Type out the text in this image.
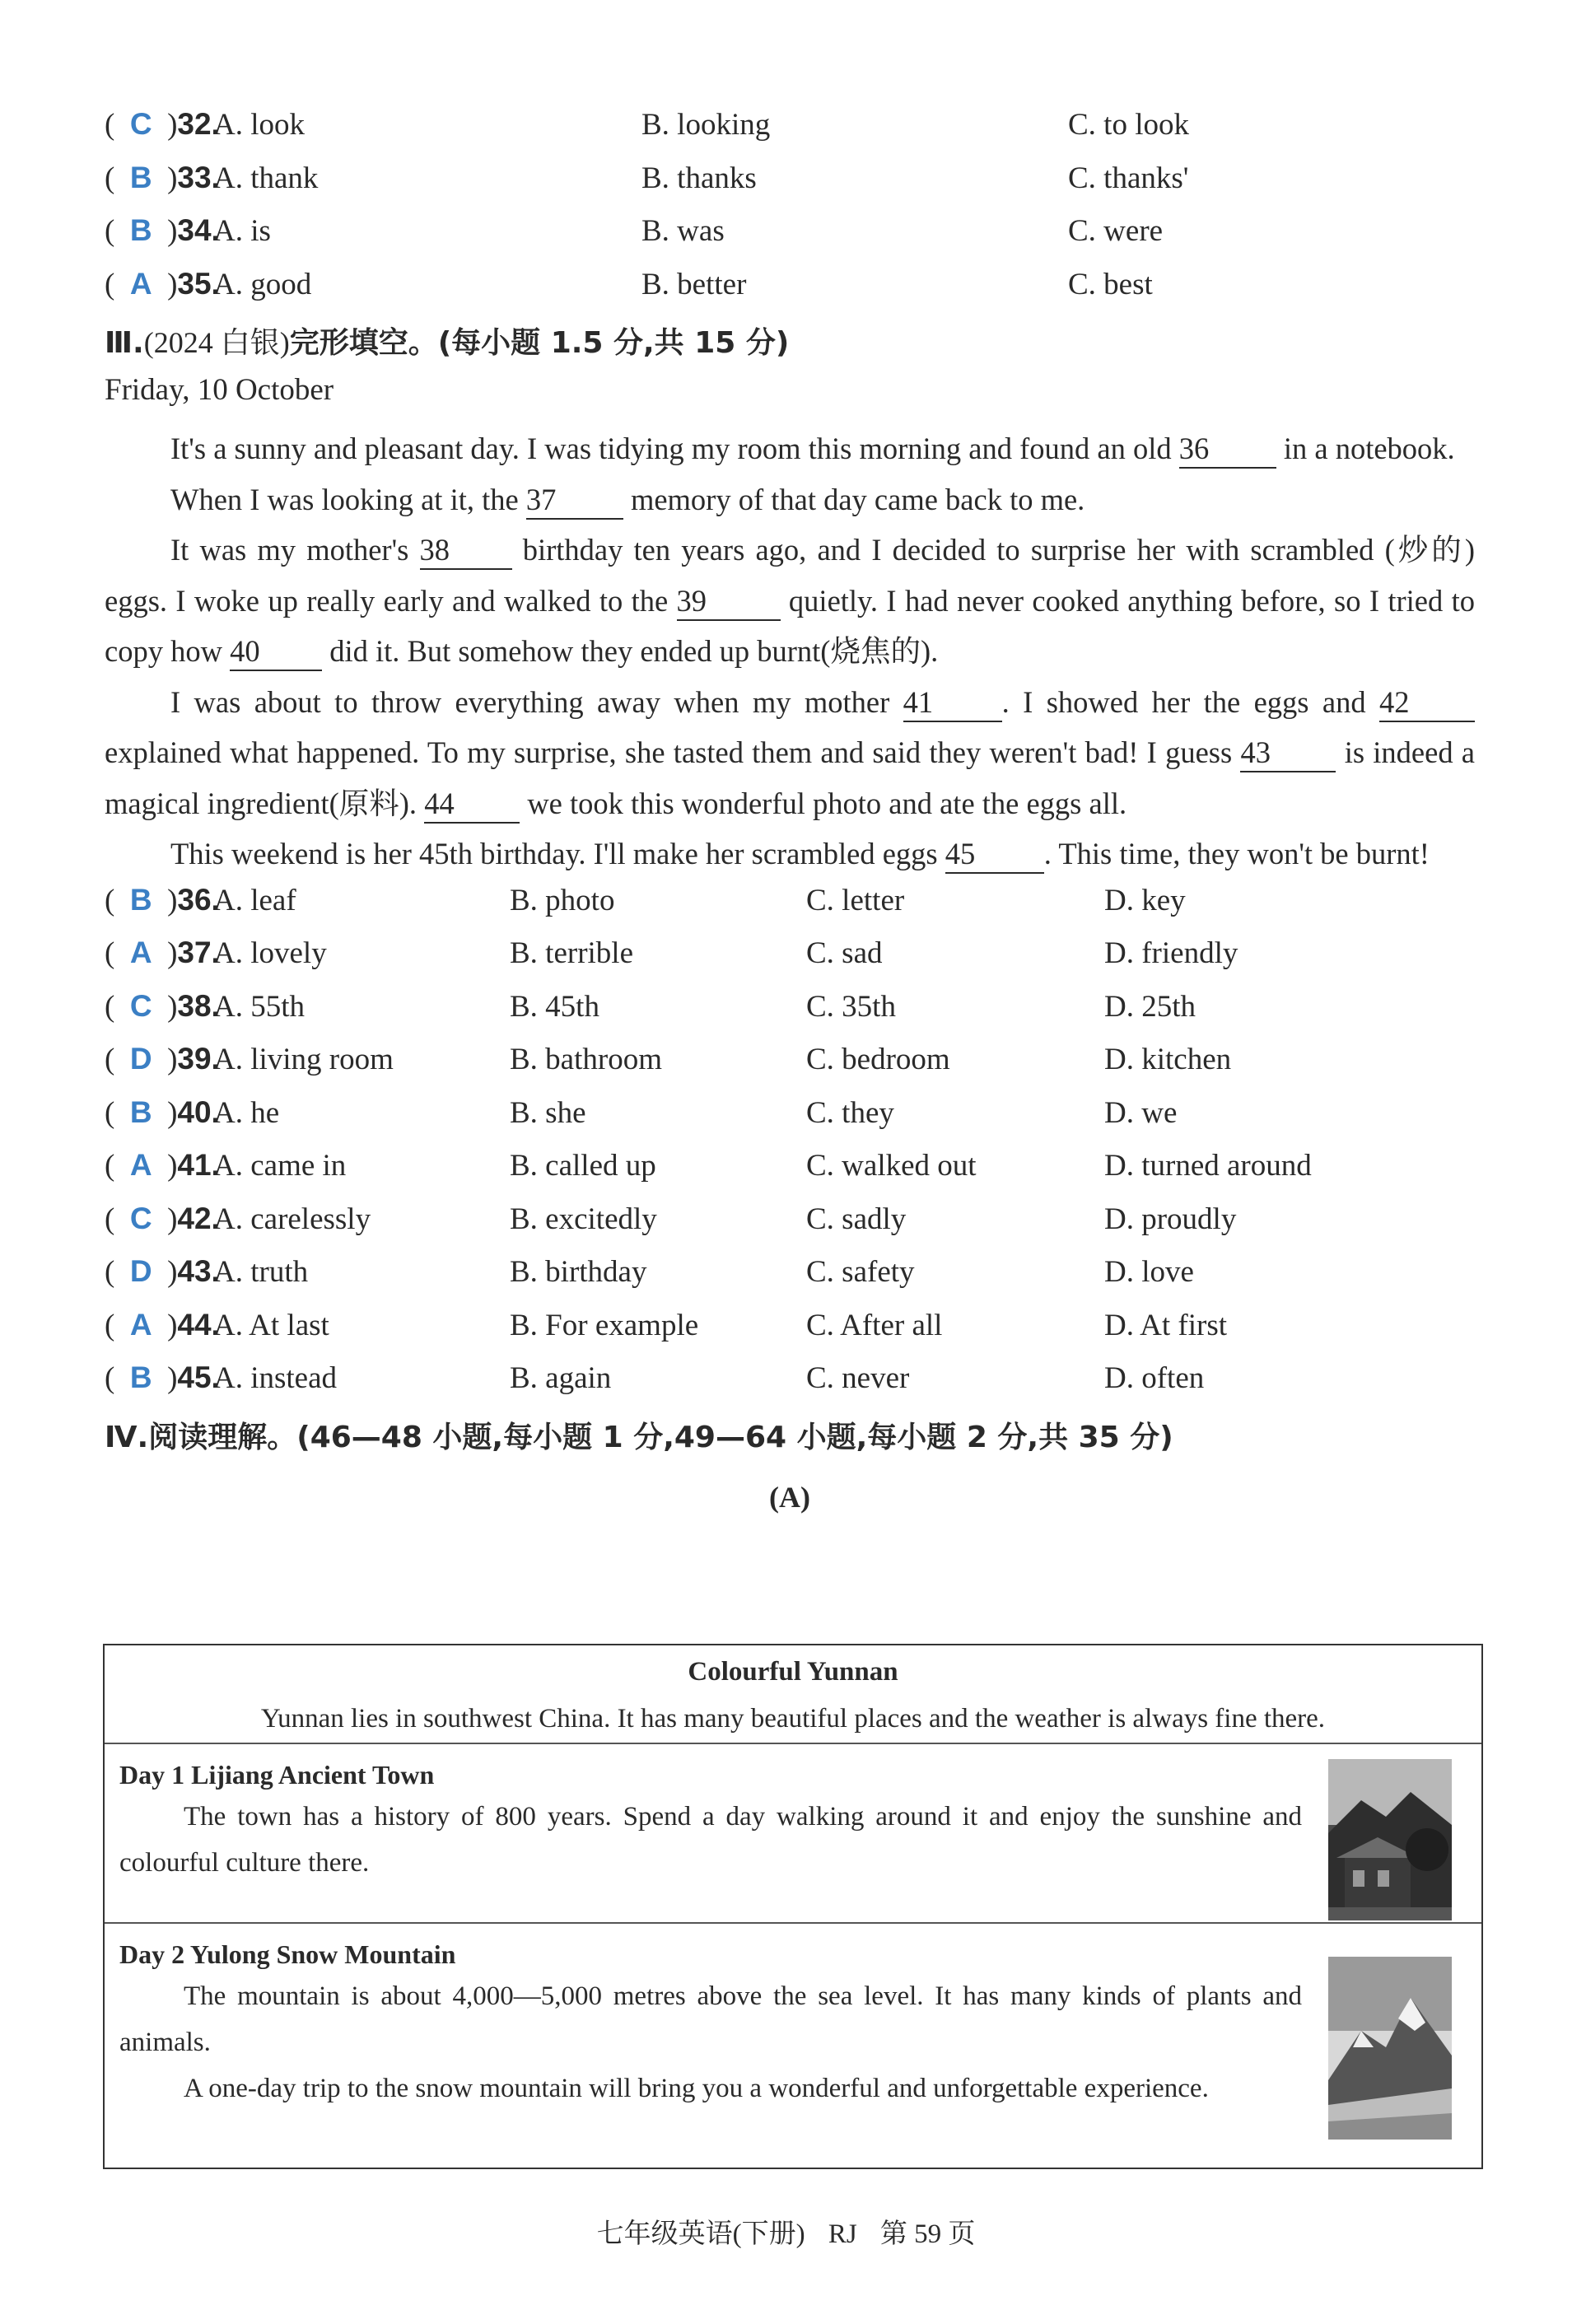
(  C  )32.
A. look	B. looking	C. to look
(  B  )33.
A. thank	B. thanks	C. thanks'
(  B  )34.
A. is	B. was	C. were
(  A  )35.
A. good	B. better	C. best
Ⅲ. (2024 白银) 完形填空。(每小题 1.5 分,共 15 分)
Friday, 10 October
It's a sunny and pleasant day. I was tidying my room this morning and found an old 36 in a notebook.
When I was looking at it, the 37 memory of that day came back to me.
It was my mother's 38 birthday ten years ago, and I decided to surprise her with scrambled (炒的) eggs. I woke up really early and walked to the 39	quietly. I had never cooked anything before, so I tried to copy how 40 did it. But somehow they ended up burnt(烧焦的).
I was about to throw everything away when my mother 41 . I showed her the eggs and 42 explained what happened. To my surprise, she tasted them and said they weren't bad! I guess 43 is indeed a magical ingredient(原料). 44 we took this wonderful photo and ate the eggs all.
This weekend is her 45th birthday. I'll make her scrambled eggs 45 . This time, they won't be burnt!
(  B  )36.
A. leaf	B. photo	C. letter	D. key
(  A  )37.
A. lovely	B. terrible	C. sad	D. friendly
(  C  )38.
A. 55th	B. 45th	C. 35th	D. 25th
(  D  )39.
A. living room	B. bathroom	C. bedroom	D. kitchen
(  B  )40.
A. he	B. she	C. they	D. we
(  A  )41.
A. came in	B. called up	C. walked out	D. turned around
(  C  )42.
A. carelessly	B. excitedly	C. sadly	D. proudly
(  D  )43.
A. truth	B. birthday	C. safety	D. love
(  A  )44.
A. At last	B. For example	C. After all	D. At first
(  B  )45.
A. instead	B. again	C. never	D. often
Ⅳ. 阅读理解。(46—48 小题,每小题 1 分,49—64 小题,每小题 2 分,共 35 分)
(A)
Colourful Yunnan
Yunnan lies in southwest China. It has many beautiful places and the weather is always fine there.
Day 1 Lijiang Ancient Town

The town has a history of 800 years. Spend a day walking around it and enjoy the sunshine and colourful culture there.

Day 2 Yulong Snow Mountain

The mountain is about 4,000—5,000 metres above the sea level. It has many kinds of plants and animals.

A one-day trip to the snow mountain will bring you a wonderful and unforgettable experience.

七年级英语(下册) RJ 第 59 页
